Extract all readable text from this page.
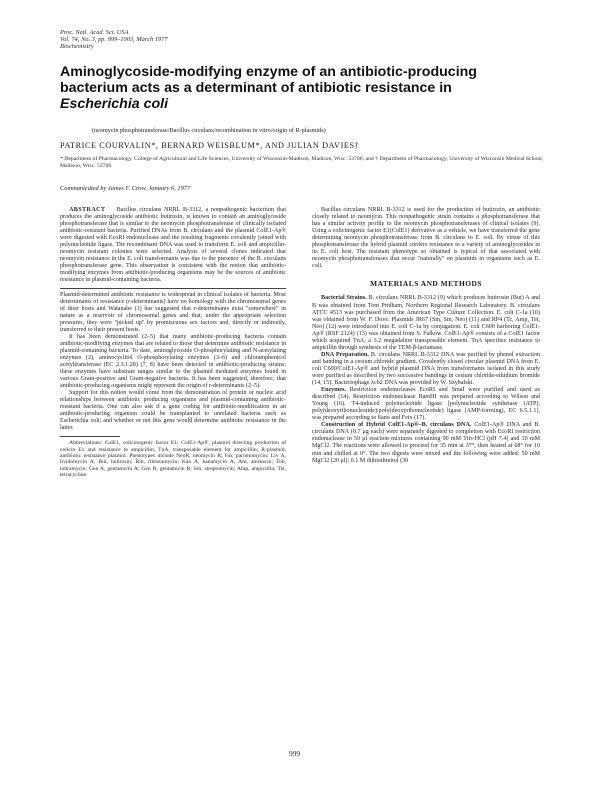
Proc. Natl. Acad. Sci. USA
Vol. 74, No. 3, pp. 999–1003, March 1977
Biochemistry
Aminoglycoside-modifying enzyme of an antibiotic-producing
bacterium acts as a determinant of antibiotic resistance in
Escherichia coli
(neomycin phosphotransferase/Bacillus circulans/recombination in vitro/origin of R-plasmids)
PATRICE COURVALIN*, BERNARD WEISBLUM*, AND JULIAN DAVIES†
* Department of Pharmacology, College of Agricultural and Life Sciences, University of Wisconsin-Madison, Madison, Wisc. 53706; and † Department of Pharmacology, University of Wisconsin Medical School, Madison, Wisc. 53706
Communicated by James F. Crow, January 6, 1977

ABSTRACT Bacillus circulans NRRL B-3312, a nonpathogenic bacterium that produces the aminoglycoside antibiotic butirosin, is known to contain an aminoglycoside phosphotransferase that is similar to the neomycin phosphotransferase of clinically isolated antibiotic-resistant bacteria. Purified DNAs from B. circulans and the plasmid ColE1-Ap® were digested with EcoRI endonuclease and the resulting fragments covalently joined with polynucleotide ligase. The recombinant DNA was used to transform E. coli and ampicillin-neomycin resistant colonies were selected. Analysis of several clones indicated that neomycin resistance in the E. coli transformants was due to the presence of the B. circulans phosphotransferase gene. This observation is consistent with the notion that antibiotic-modifying enzymes from antibiotic-producing organisms may be the sources of antibiotic resistance in plasmid-containing bacteria.

Plasmid-determined antibiotic resistance is widespread in clinical isolates of bacteria. Most determinants of resistance (r-determinants) have no homology with the chromosomal genes of their hosts and Watanabe (1) has suggested that r-determinants exist "somewhere" in nature as a reservoir of chromosomal genes and that, under the appropriate selection pressures, they were "picked up" by promiscuous sex factors and, directly or indirectly, transferred to their present hosts.

It has been demonstrated (2–5) that many antibiotic-producing bacteria contain antibiotic-modifying enzymes that are related to those that determine antibiotic resistance in plasmid-containing bacteria. To date, aminoglycoside O-phosphorylating and N-acetylating enzymes (2), aminocyclitol O-phosphorylating enzymes (3–6) and chloramphenicol acetyltransferase (EC 2.3.1.28) (7, 8) have been detected in antibiotic-producing strains; these enzymes have substrate ranges similar to the plasmid mediated enzymes found in various Gram-positive and Gram-negative bacteria. It has been suggested, therefore, that antibiotic-producing organisms might represent the origin of r-determinants (2–5).

Support for this notion would come from the demonstration of protein or nucleic acid relationships between antibiotic producing organisms and plasmid-containing antibiotic-resistant bacteria. One can also ask if a gene coding for antibiotic-modification in an antibiotic-producing organism could be transplanted to unrelated bacteria such as Escherichia coli; and whether or not this gene would determine antibiotic resistance in the latter.

Abbreviations: ColE1, colicinogenic factor E1; ColE1-Ap®, plasmid directing production of colicin E1 and resistance to ampicillin; TnA, transposable element for ampicillin; R-plasmid, antibiotic resistance plasmid. Phenotypes include NeoR, neomycin R; Far, paromomycin; Liv A, lividomycin A; But, butirosin; Rib, ribostamycin; Kan A, kanamycin A; Am, amikacin; Tob, tobramycin; Gen A, gentamicin A; Gen B, gentamicin B; Sm, streptomycin; Amp, ampicillin; Tet, tetracycline.

Bacillus circulans NRRL B-3312 is used for the production of butirosin, an antibiotic closely related to neomycin. This nonpathogenic strain contains a phosphotransferase that has a similar activity profile to the neomycin phosphotransferases of clinical isolates (9). Using a colicinogenic factor E1(ColE1) derivative as a vehicle, we have transferred the gene determining neomycin phosphotransferase from B. circulans to E. coli. By virtue of this phosphotransferase the hybrid plasmid confers resistance to a variety of aminoglycosides in its E. coli host. The resistant phenotype so obtained is typical of that associated with neomycin phosphotransferases that occur "naturally" on plasmids in organisms such as E. coli.

MATERIALS AND METHODS

Bacterial Strains. B. circulans NRRL B-3312 (9) which produces butirosin (But) A and B was obtained from Tom Pridham, Northern Regional Research Laboratory. B. circulans ATCC 4513 was purchased from the American Type Culture Collection. E. coli C-1a (10) was obtained from W. F. Dove. Plasmids JR67 (Sm, Sm, Neo) (11) and RP4 (Tc, Amp, Tet, Neo) (12) were introduced into E. coli C-1a by conjugation. E. coli C600 harboring ColE1-Ap® (RSF 2124) (13) was obtained from S. Falkow. ColE1-Ap® consists of a ColE1 factor which acquired TnA, a 3.2 megadalton transposable element. TnA specifies resistance to ampicillin through synthesis of the TEM-β-lactamase.

DNA Preparation. B. circulans NRRL B-3312 DNA was purified by phenol extraction and banding in a cesium chloride gradient. Covalently closed circular plasmid DNA from E. coli C600/ColE1-Ap® and hybrid plasmid DNA from transformants isolated in this study were purified as described by two successive bandings in cesium chloride-ethidium bromide (14, 15). Bacteriophage λcb2 DNA was provided by W. Szybalski.

Enzymes. Restriction endonucleases EcoRI and SmaI were purified and used as described (14). Restriction endonuclease BamHI was prepared according to Wilson and Young (16). T4-induced polynucleotide ligase [polynucleotide synthetase (ATP), poly(deoxyribonucleotide):poly(deoxyribonucleotide) ligase (AMP-forming), EC 6.5.1.1], was prepared according to Sano and Feix (17).

Construction of Hybrid ColE1-Ap®–B. circulans DNA. ColE1-Ap® DNA and B. circulans DNA (0.7 μg each) were separately digested to completion with EcoRI restriction endonuclease in 50 μl reaction mixtures containing 90 mM Tris-HCl (pH 7.4) and 10 mM MgCl2. The reactions were allowed to proceed for 35 min at 37°, then heated at 68° for 10 min and chilled at 0°. The two digests were mixed and the following were added: 50 mM MgCl2 (20 μl); 0.1 M dithiothreitol (30

999
